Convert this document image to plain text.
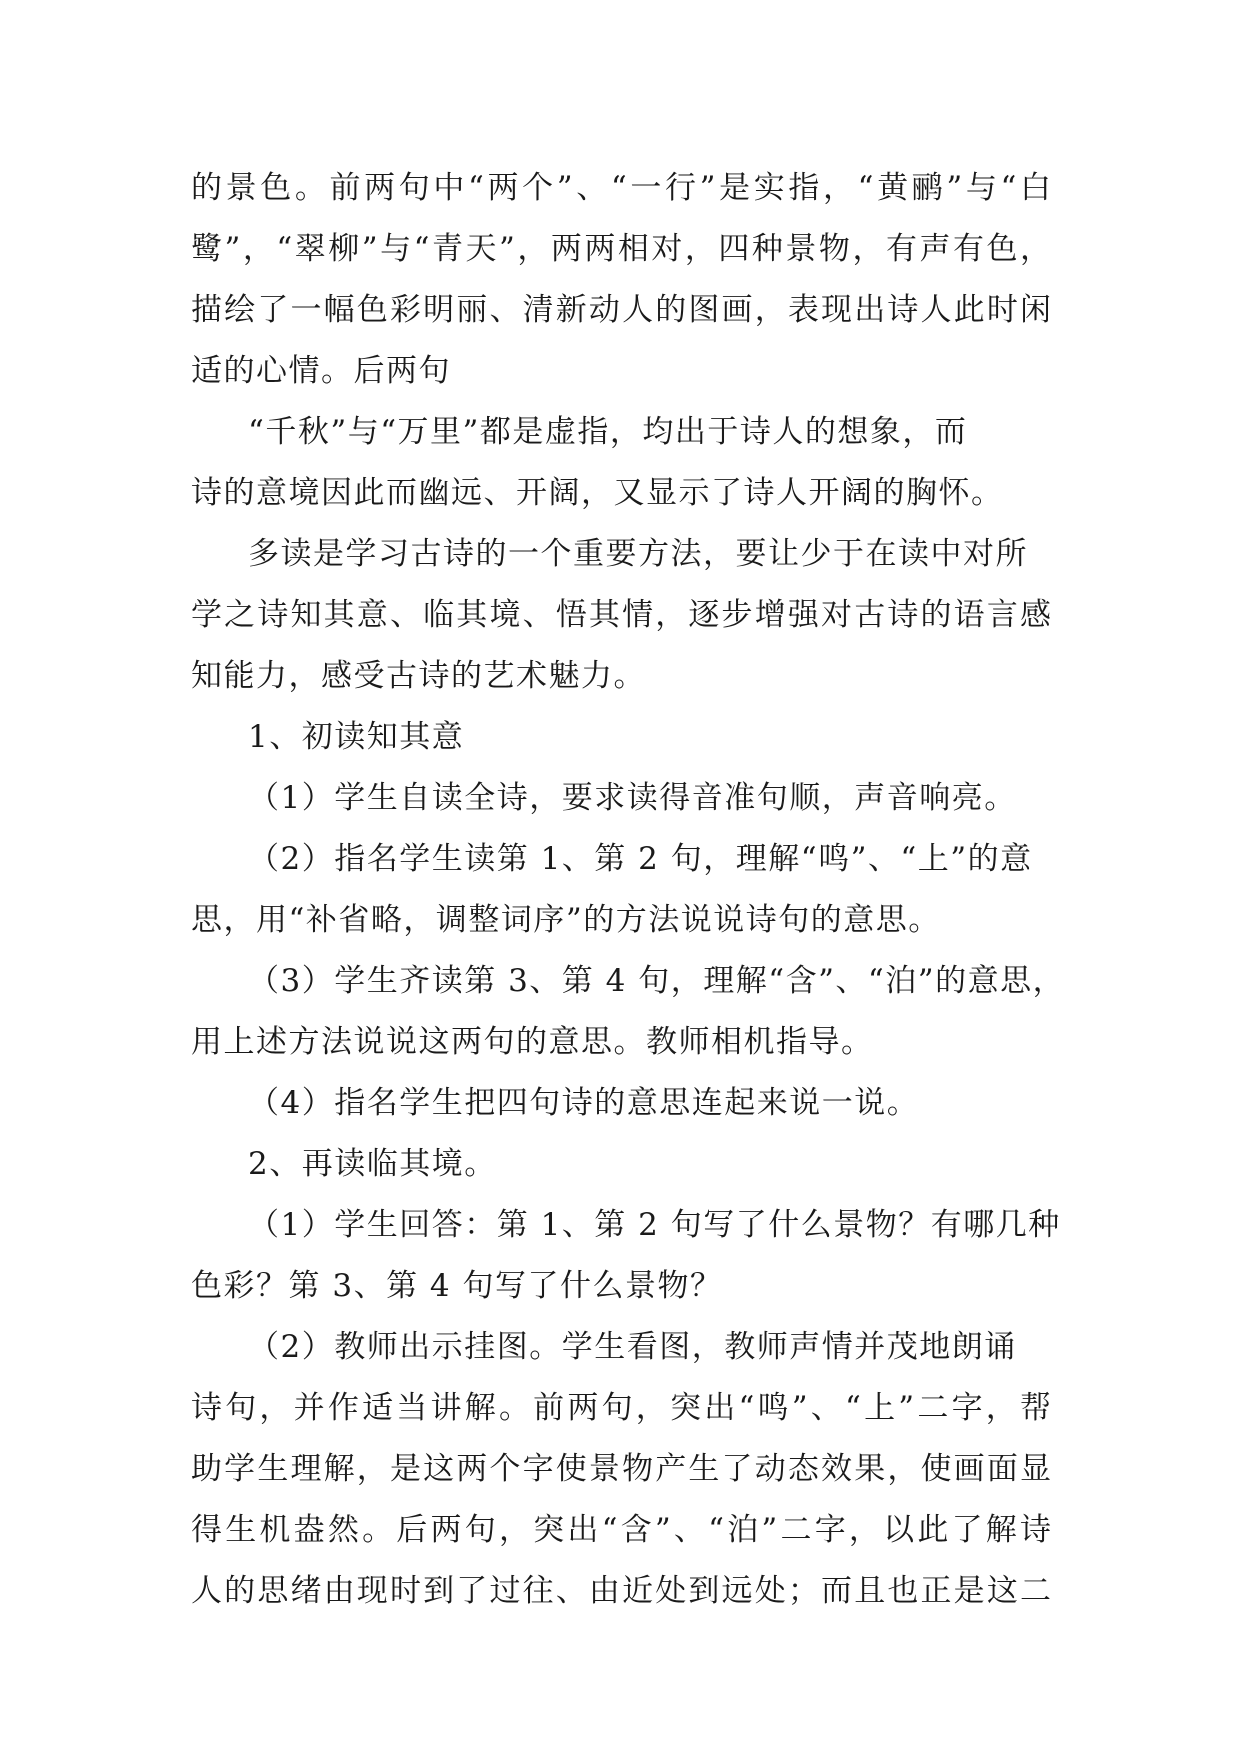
的景色。前两句中“两个”、“一行”是实指，“黄鹂”与“白
鹭”，“翠柳”与“青天”，两两相对，四种景物，有声有色，
描绘了一幅色彩明丽、清新动人的图画，表现出诗人此时闲
适的心情。后两句
“千秋”与“万里”都是虚指，均出于诗人的想象，而
诗的意境因此而幽远、开阔，又显示了诗人开阔的胸怀。
多读是学习古诗的一个重要方法，要让少于在读中对所
学之诗知其意、临其境、悟其情，逐步增强对古诗的语言感
知能力，感受古诗的艺术魅力。
1、初读知其意
（1）学生自读全诗，要求读得音准句顺，声音响亮。
（2）指名学生读第 1、第 2 句，理解“鸣”、“上”的意
思，用“补省略，调整词序”的方法说说诗句的意思。
（3）学生齐读第 3、第 4 句，理解“含”、“泊”的意思，
用上述方法说说这两句的意思。教师相机指导。
（4）指名学生把四句诗的意思连起来说一说。
2、再读临其境。
（1）学生回答：第 1、第 2 句写了什么景物？有哪几种
色彩？第 3、第 4 句写了什么景物？
（2）教师出示挂图。学生看图，教师声情并茂地朗诵
诗句，并作适当讲解。前两句，突出“鸣”、“上”二字，帮
助学生理解，是这两个字使景物产生了动态效果，使画面显
得生机盎然。后两句，突出“含”、“泊”二字，以此了解诗
人的思绪由现时到了过往、由近处到远处；而且也正是这二
